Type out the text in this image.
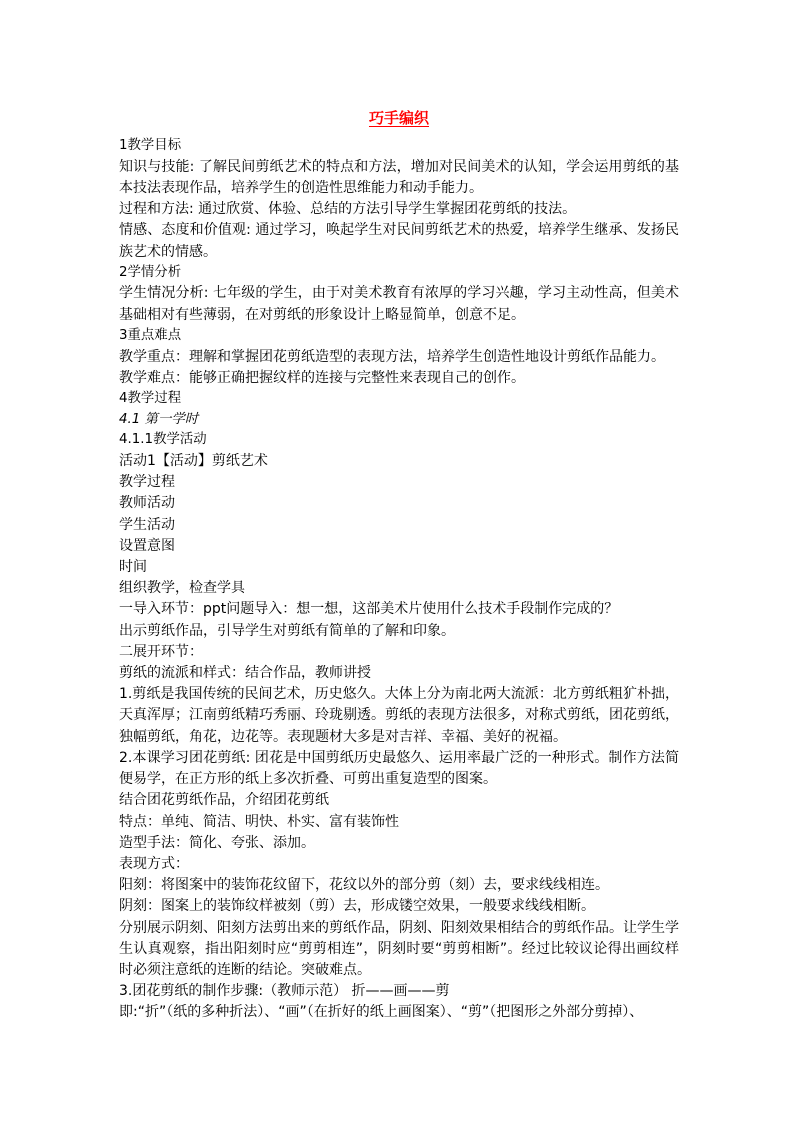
巧手编织
1教学目标
知识与技能: 了解民间剪纸艺术的特点和方法，增加对民间美术的认知，学会运用剪纸的基本技法表现作品，培养学生的创造性思维能力和动手能力。
过程和方法: 通过欣赏、体验、总结的方法引导学生掌握团花剪纸的技法。
情感、态度和价值观: 通过学习，唤起学生对民间剪纸艺术的热爱，培养学生继承、发扬民族艺术的情感。
2学情分析
学生情况分析: 七年级的学生，由于对美术教育有浓厚的学习兴趣，学习主动性高，但美术基础相对有些薄弱，在对剪纸的形象设计上略显简单，创意不足。
3重点难点
教学重点：理解和掌握团花剪纸造型的表现方法，培养学生创造性地设计剪纸作品能力。
教学难点：能够正确把握纹样的连接与完整性来表现自己的创作。
4教学过程
4.1 第一学时
4.1.1教学活动
活动1【活动】剪纸艺术
教学过程
教师活动
学生活动
设置意图
时间
组织教学，检查学具
一导入环节：ppt问题导入：想一想，这部美术片使用什么技术手段制作完成的？
出示剪纸作品，引导学生对剪纸有简单的了解和印象。
二展开环节：
剪纸的流派和样式：结合作品，教师讲授
1.剪纸是我国传统的民间艺术，历史悠久。大体上分为南北两大流派：北方剪纸粗犷朴拙，天真浑厚；江南剪纸精巧秀丽、玲珑剔透。剪纸的表现方法很多，对称式剪纸，团花剪纸，独幅剪纸，角花，边花等。表现题材大多是对吉祥、幸福、美好的祝福。
2.本课学习团花剪纸: 团花是中国剪纸历史最悠久、运用率最广泛的一种形式。制作方法简便易学，在正方形的纸上多次折叠、可剪出重复造型的图案。
结合团花剪纸作品，介绍团花剪纸
特点：单纯、简洁、明快、朴实、富有装饰性
造型手法：简化、夸张、添加。
表现方式：
阳刻：将图案中的装饰花纹留下，花纹以外的部分剪（刻）去，要求线线相连。
阴刻：图案上的装饰纹样被刻（剪）去，形成镂空效果，一般要求线线相断。
分别展示阴刻、阳刻方法剪出来的剪纸作品，阴刻、阳刻效果相结合的剪纸作品。让学生学生认真观察，指出阳刻时应“剪剪相连”，阴刻时要“剪剪相断”。经过比较议论得出画纹样时必须注意纸的连断的结论。突破难点。
3.团花剪纸的制作步骤:（教师示范） 折——画——剪
即:“折”（纸的多种折法）、“画”（在折好的纸上画图案）、“剪”（把图形之外部分剪掉）、
